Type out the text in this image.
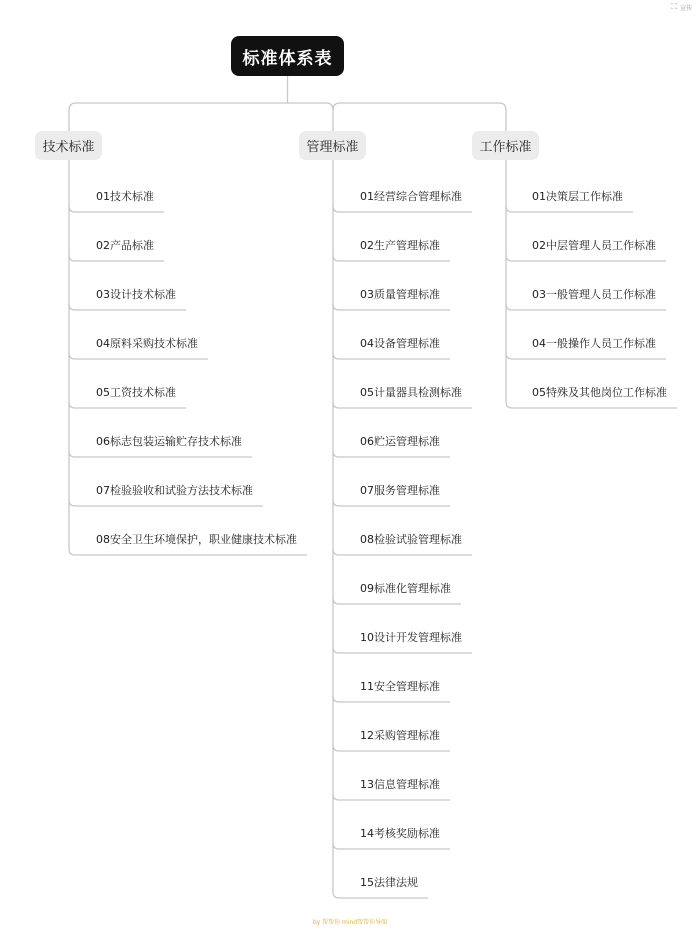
⛶ 宣传
标准体系表
技术标准
01技术标准
02产品标准
03设计技术标准
04原料采购技术标准
05工资技术标准
06标志包装运输贮存技术标准
07检验验收和试验方法技术标准
08安全卫生环境保护，职业健康技术标准
管理标准
01经营综合管理标准
02生产管理标准
03质量管理标准
04设备管理标准
05计量器具检测标准
06贮运管理标准
07服务管理标准
08检验试验管理标准
09标准化管理标准
10设计开发管理标准
11安全管理标准
12采购管理标准
13信息管理标准
14考核奖励标准
15法律法规
工作标准
01决策层工作标准
02中层管理人员工作标准
03一般管理人员工作标准
04一般操作人员工作标准
05特殊及其他岗位工作标准
by 帮帮你 mind帮帮你导图
